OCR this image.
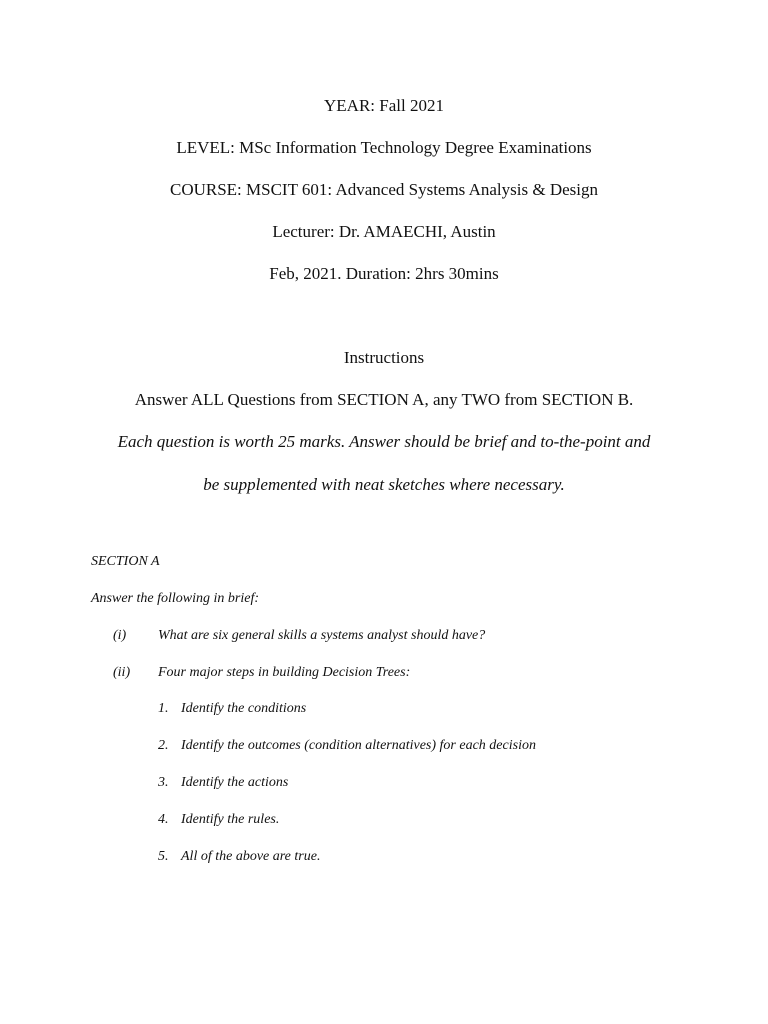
YEAR: Fall 2021
LEVEL: MSc Information Technology Degree Examinations
COURSE: MSCIT 601: Advanced Systems Analysis & Design
Lecturer: Dr. AMAECHI, Austin
Feb, 2021. Duration: 2hrs 30mins
Instructions
Answer ALL Questions from SECTION A, any TWO from SECTION B.
Each question is worth 25 marks. Answer should be brief and to-the-point and
be supplemented with neat sketches where necessary.
SECTION A
Answer the following in brief:
(i) What are six general skills a systems analyst should have?
(ii) Four major steps in building Decision Trees:
1. Identify the conditions
2. Identify the outcomes (condition alternatives) for each decision
3. Identify the actions
4. Identify the rules.
5. All of the above are true.
